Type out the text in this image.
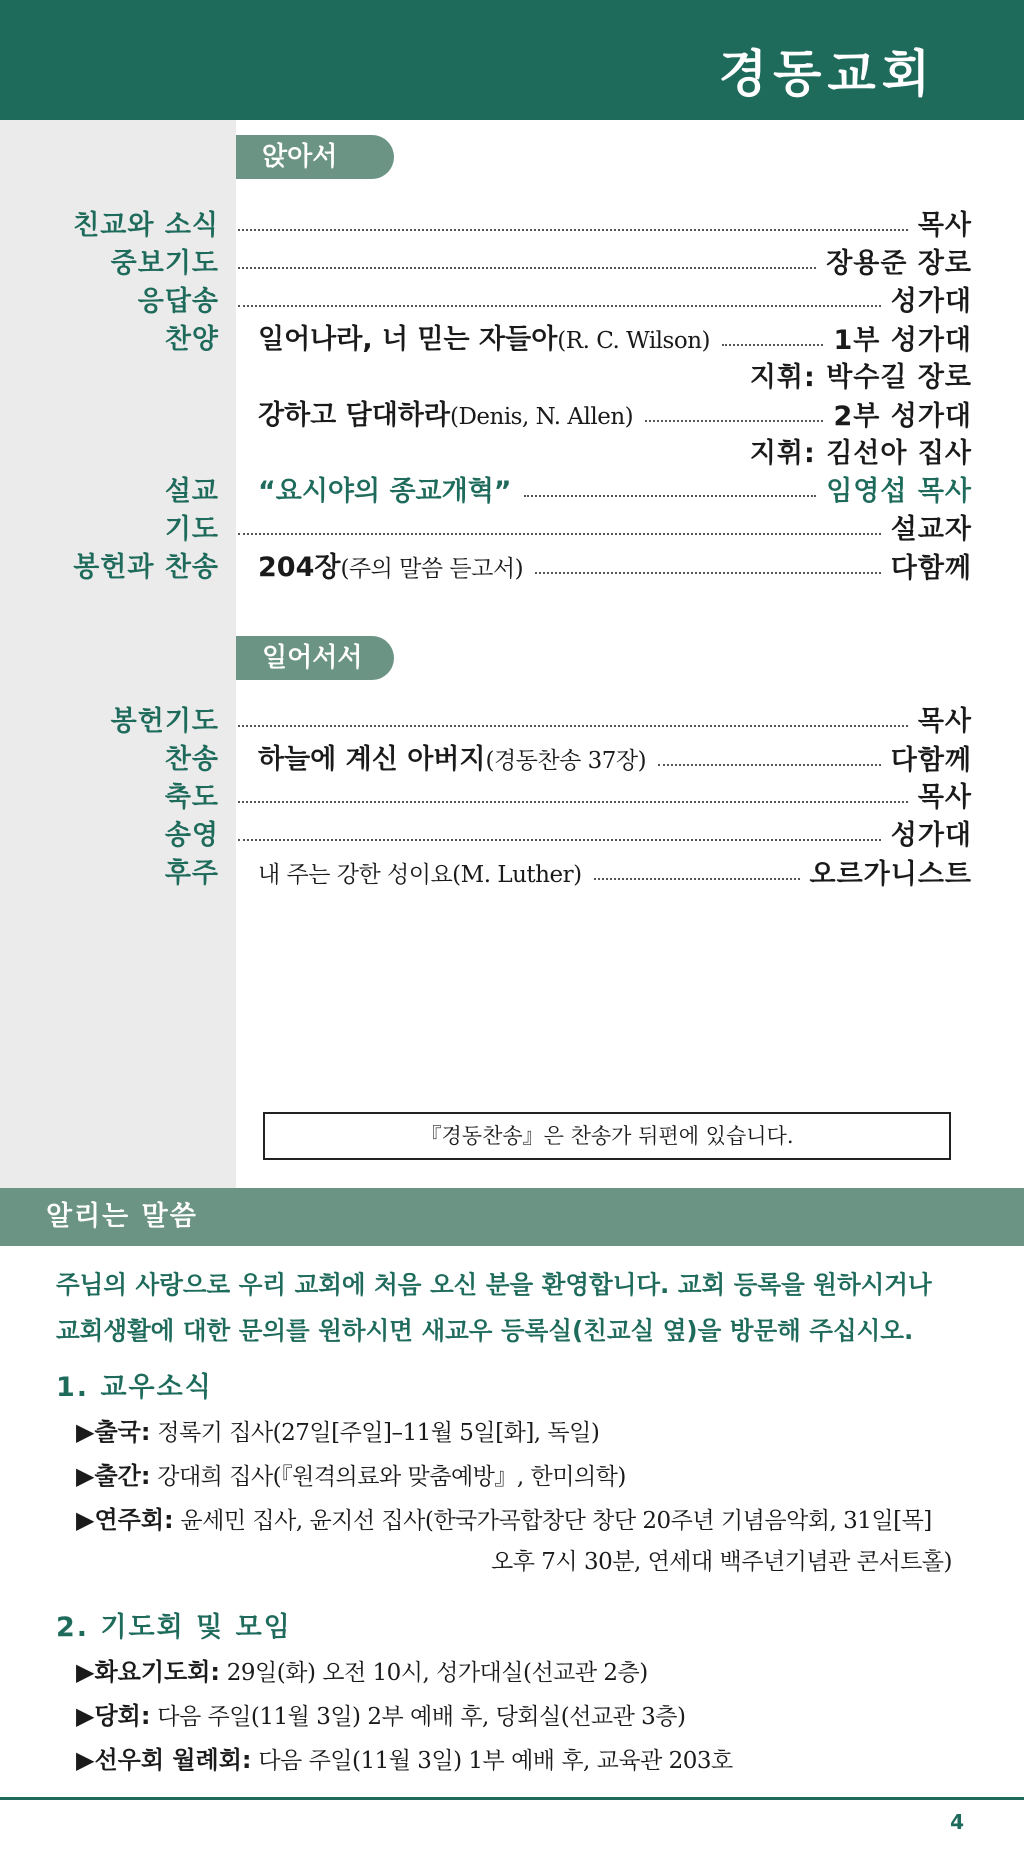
경동교회
앉아서
친교와 소식	목사
중보기도	장용준 장로
응답송	성가대
찬양	일어나라, 너 믿는 자들아(R. C. Wilson)	1부 성가대
지휘: 박수길 장로
강하고 담대하라(Denis, N. Allen)	2부 성가대
지휘: 김선아 집사
설교	“요시야의 종교개혁”	임영섭 목사
기도	설교자
봉헌과 찬송	204장(주의 말씀 듣고서)	다함께
일어서서
봉헌기도	목사
찬송	하늘에 계신 아버지(경동찬송 37장)	다함께
축도	목사
송영	성가대
후주	내 주는 강한 성이요(M. Luther)	오르가니스트
『경동찬송』은 찬송가 뒤편에 있습니다.
알리는 말씀
주님의 사랑으로 우리 교회에 처음 오신 분을 환영합니다. 교회 등록을 원하시거나
교회생활에 대한 문의를 원하시면 새교우 등록실(친교실 옆)을 방문해 주십시오.
1. 교우소식
▶출국: 정록기 집사(27일[주일]–11월 5일[화], 독일)
▶출간: 강대희 집사(『원격의료와 맞춤예방』, 한미의학)
▶연주회: 윤세민 집사, 윤지선 집사(한국가곡합창단 창단 20주년 기념음악회, 31일[목]
오후 7시 30분, 연세대 백주년기념관 콘서트홀)
2. 기도회 및 모임
▶화요기도회: 29일(화) 오전 10시, 성가대실(선교관 2층)
▶당회: 다음 주일(11월 3일) 2부 예배 후, 당회실(선교관 3층)
▶선우회 월례회: 다음 주일(11월 3일) 1부 예배 후, 교육관 203호
4
